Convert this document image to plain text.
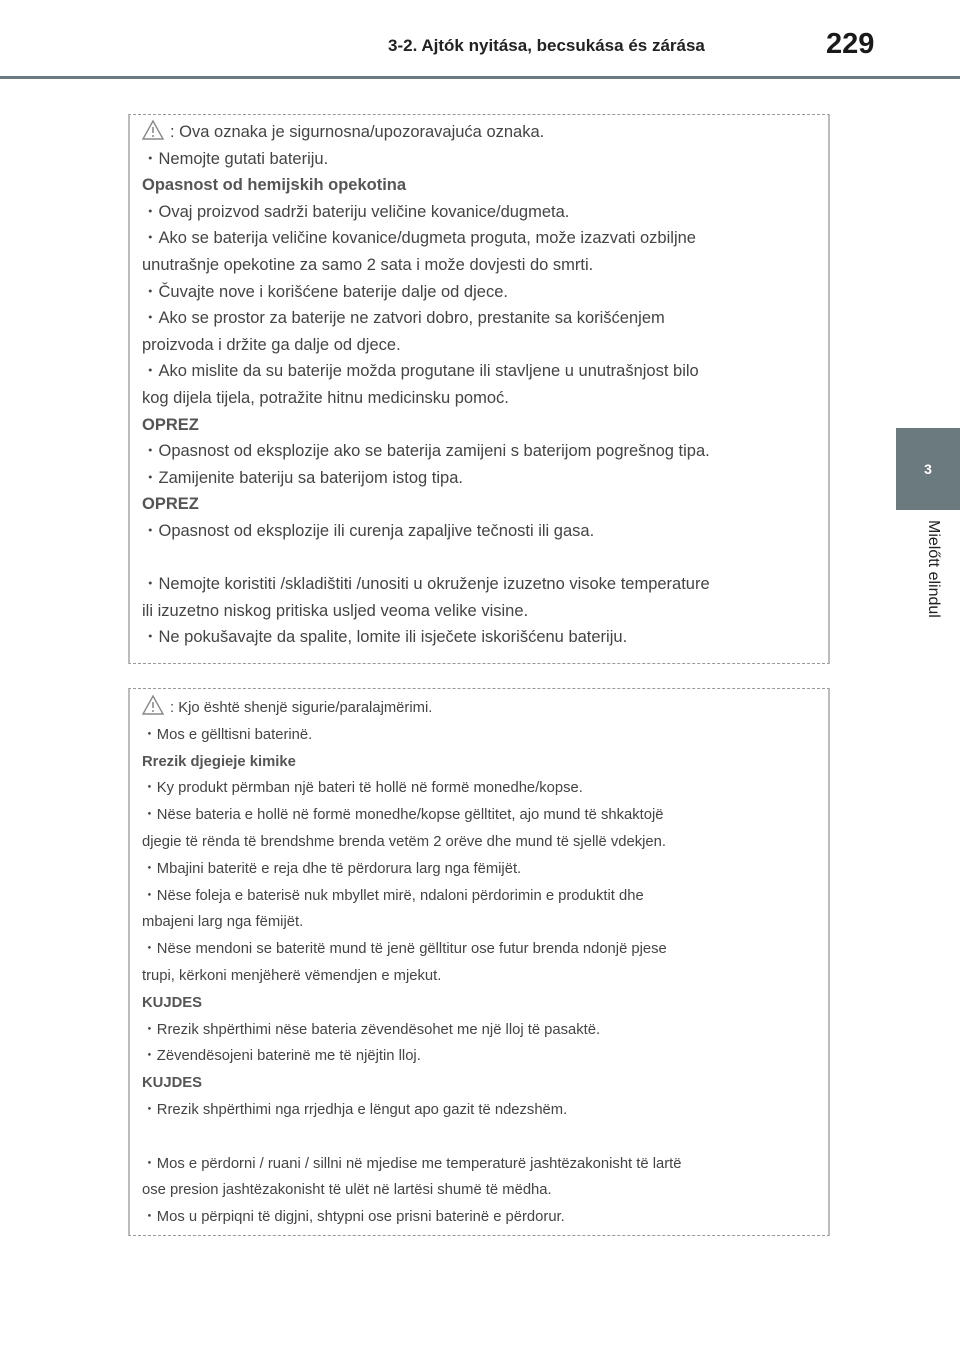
3-2. Ajtók nyitása, becsukása és zárása	229
3
Mielőtt elindul
: Ova oznaka je sigurnosna/upozoravajuća oznaka.
・Nemojte gutati bateriju.
Opasnost od hemijskih opekotina
・Ovaj proizvod sadrži bateriju veličine kovanice/dugmeta.
・Ako se baterija veličine kovanice/dugmeta proguta, može izazvati ozbiljne
unutrašnje opekotine za samo 2 sata i može dovjesti do smrti.
・Čuvajte nove i korišćene baterije dalje od djece.
・Ako se prostor za baterije ne zatvori dobro, prestanite sa korišćenjem
proizvoda i držite ga dalje od djece.
・Ako mislite da su baterije možda progutane ili stavljene u unutrašnjost bilo
kog dijela tijela, potražite hitnu medicinsku pomoć.
OPREZ
・Opasnost od eksplozije ako se baterija zamijeni s baterijom pogrešnog tipa.
・Zamijenite bateriju sa baterijom istog tipa.
OPREZ
・Opasnost od eksplozije ili curenja zapaljive tečnosti ili gasa.
・Nemojte koristiti /skladištiti /unositi u okruženje izuzetno visoke temperature
ili izuzetno niskog pritiska usljed veoma velike visine.
・Ne pokušavajte da spalite, lomite ili isječete iskorišćenu bateriju.
: Kjo është shenjë sigurie/paralajmërimi.
・Mos e gëlltisni baterinë.
Rrezik djegieje kimike
・Ky produkt përmban një bateri të hollë në formë monedhe/kopse.
・Nëse bateria e hollë në formë monedhe/kopse gëlltitet, ajo mund të shkaktojë
djegie të rënda të brendshme brenda vetëm 2 orëve dhe mund të sjellë vdekjen.
・Mbajini bateritë e reja dhe të përdorura larg nga fëmijët.
・Nëse foleja e baterisë nuk mbyllet mirë, ndaloni përdorimin e produktit dhe
mbajeni larg nga fëmijët.
・Nëse mendoni se bateritë mund të jenë gëlltitur ose futur brenda ndonjë pjese
trupi, kërkoni menjëherë vëmendjen e mjekut.
KUJDES
・Rrezik shpërthimi nëse bateria zëvendësohet me një lloj të pasaktë.
・Zëvendësojeni baterinë me të njëjtin lloj.
KUJDES
・Rrezik shpërthimi nga rrjedhja e lëngut apo gazit të ndezshëm.
・Mos e përdorni / ruani / sillni në mjedise me temperaturë jashtëzakonisht të lartë
ose presion jashtëzakonisht të ulët në lartësi shumë të mëdha.
・Mos u përpiqni të digjni, shtypni ose prisni baterinë e përdorur.
